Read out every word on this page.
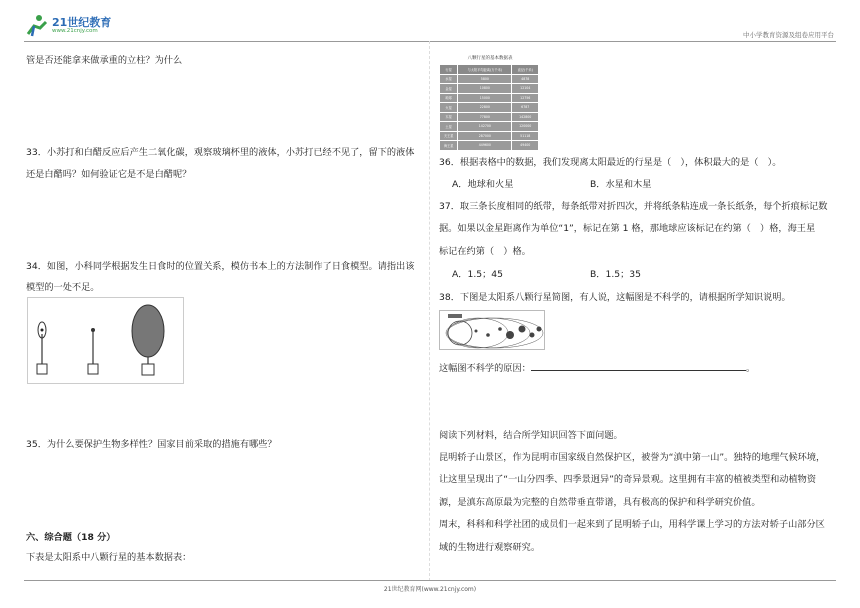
21世纪教育
www.21cnjy.com	中小学教育资源及组卷应用平台
管是否还能拿来做承重的立柱？为什么
33．小苏打和白醋反应后产生二氧化碳，观察玻璃杯里的液体，小苏打已经不见了，留下的液体
还是白醋吗？如何验证它是不是白醋呢？
34．如图，小科同学根据发生日食时的位置关系，模仿书本上的方法制作了日食模型。请指出该
模型的一处不足。
35．为什么要保护生物多样性？国家目前采取的措施有哪些？
六、综合题（18 分）
下表是太阳系中八颗行星的基本数据表：
八颗行星的基本数据表
行星	与太阳平均距离(万千米)	直径(千米)
水星	5800	4878
金星	10800	12104
地球	15000	12756
火星	22800	6787
木星	77800	142800
土星	142700	120000
天王星	287000	51118
海王星	449600	49400
36．根据表格中的数据，我们发现离太阳最近的行星是（　），体积最大的是（　）。
A．地球和火星	B．水星和木星
37．取三条长度相同的纸带，每条纸带对折四次，并将纸条粘连成一条长纸条，每个折痕标记数
据。如果以金星距离作为单位“1”，标记在第 1 格，那地球应该标记在约第（　）格，海王星
标记在约第（　）格。
A．1.5；45	B．1.5；35
38．下图是太阳系八颗行星简图，有人说，这幅图是不科学的，请根据所学知识说明。
这幅图不科学的原因：	。
阅读下列材料，结合所学知识回答下面问题。
昆明轿子山景区，作为昆明市国家级自然保护区，被誉为“滇中第一山”。独特的地理气候环境，
让这里呈现出了“一山分四季、四季景迥异”的奇异景观。这里拥有丰富的植被类型和动植物资
源，是滇东高原最为完整的自然带垂直带谱，具有极高的保护和科学研究价值。
周末，科科和科学社团的成员们一起来到了昆明轿子山，用科学课上学习的方法对轿子山部分区
域的生物进行观察研究。
21世纪教育网(www.21cnjy.com)
